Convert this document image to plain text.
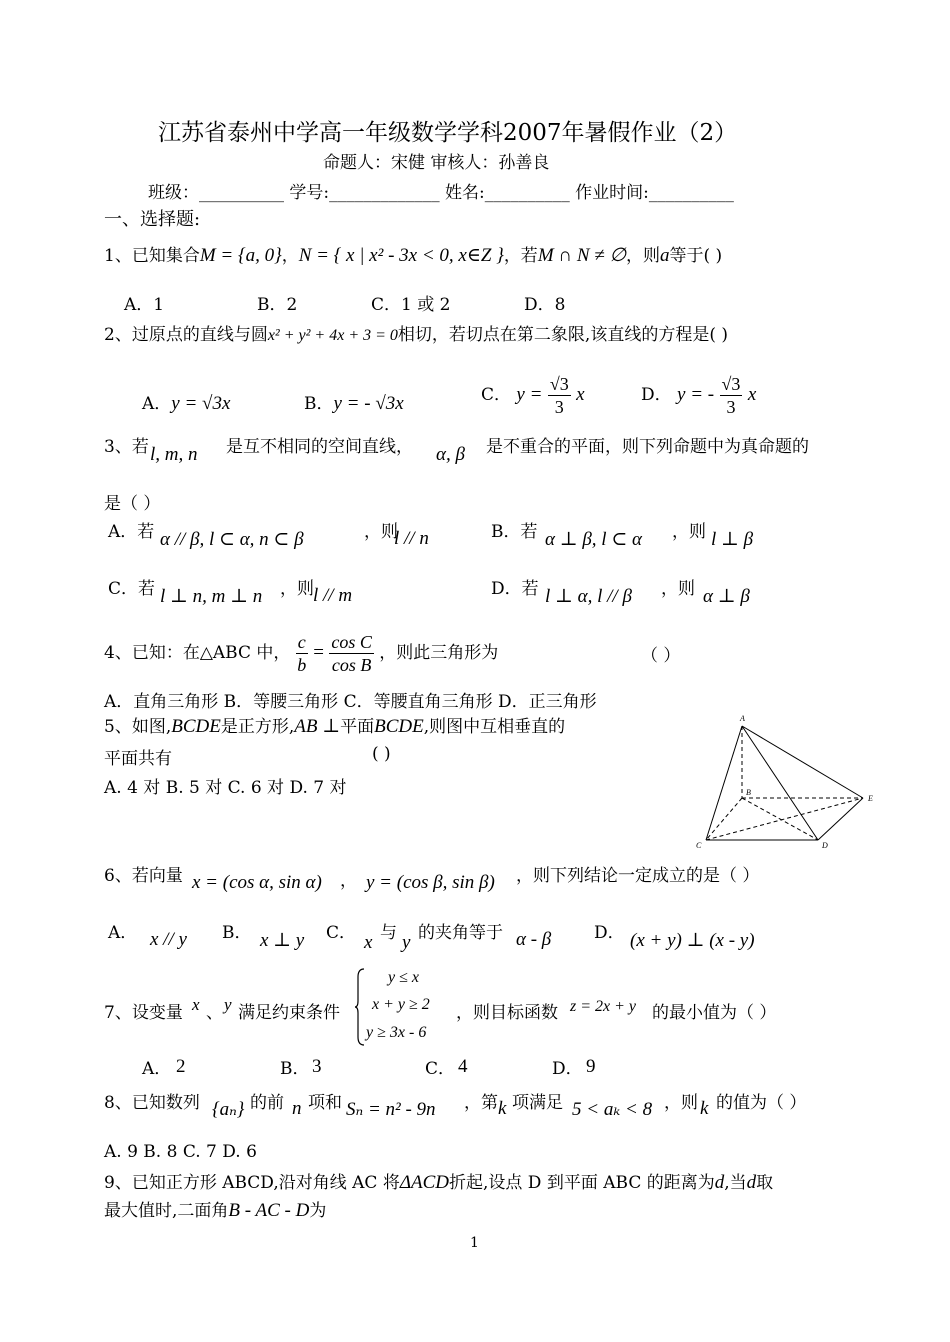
江苏省泰州中学高一年级数学学科2007年暑假作业（2）
命题人：宋健 审核人：孙善良
班级：__________ 学号:_____________ 姓名:__________ 作业时间:__________
一、选择题:
1、已知集合M = {a, 0}，N = { x | x² - 3x < 0, x∈Z }，若M ∩ N ≠ ∅，则a等于( )
A．1	B．2	C．1 或 2	D．8
2、过原点的直线与圆x² + y² + 4x + 3 = 0相切，若切点在第二象限,该直线的方程是( )
A．y = √3x	B．y = - √3x	C． $y = \frac{√3}{3}$ x	D． y = - $\frac{√3}{3}$ x
3、若 l, m, n 是互不相同的空间直线， α, β 是不重合的平面，则下列命题中为真命题的
是（ ）
A．若 α // β, l ⊂ α, n ⊂ β	，则
l // n	B．若 α ⊥ β, l ⊂ α ，则 l ⊥ β
C．若 l ⊥ n, m ⊥ n ，则 l // m	D．若 l ⊥ α, l // β ，则 α ⊥ β
4、已知：在△ABC 中， $\frac{c}{b} = \frac{\text{cos C}}{\text{cos B}}$ ，则此三角形为	（ ）
A．直角三角形 B．等腰三角形 C．等腰直角三角形 D．正三角形
5、如图,BCDE是正方形,AB ⊥平面BCDE,则图中互相垂直的
平面共有	( )
A. 4 对 B. 5 对 C. 6 对 D. 7 对
A
B
E
C	D
6、若向量 x = (cos α, sin α) ， y = (cos β, sin β) ，则下列结论一定成立的是（ ）
A． x // y B． x ⊥ y C． x 与 y 的夹角等于 α - β	D． (x + y) ⊥ (x - y)
7、设变量 x 、 y 满足约束条件
y ≤ x
x + y ≥ 2
y ≥ 3x - 6
，则目标函数 z = 2x + y 的最小值为（ ）
A． 2	B． 3	C． 4	D． 9
8、已知数列 {aₙ} 的前 n 项和 Sₙ = n² - 9n ，第 k 项满足 5 < aₖ < 8 ，则 k 的值为（ ）
A. 9 B. 8 C. 7 D. 6
9、已知正方形 ABCD,沿对角线 AC 将ΔACD折起,设点 D 到平面 ABC 的距离为d,当d取
最大值时,二面角B - AC - D为
1
